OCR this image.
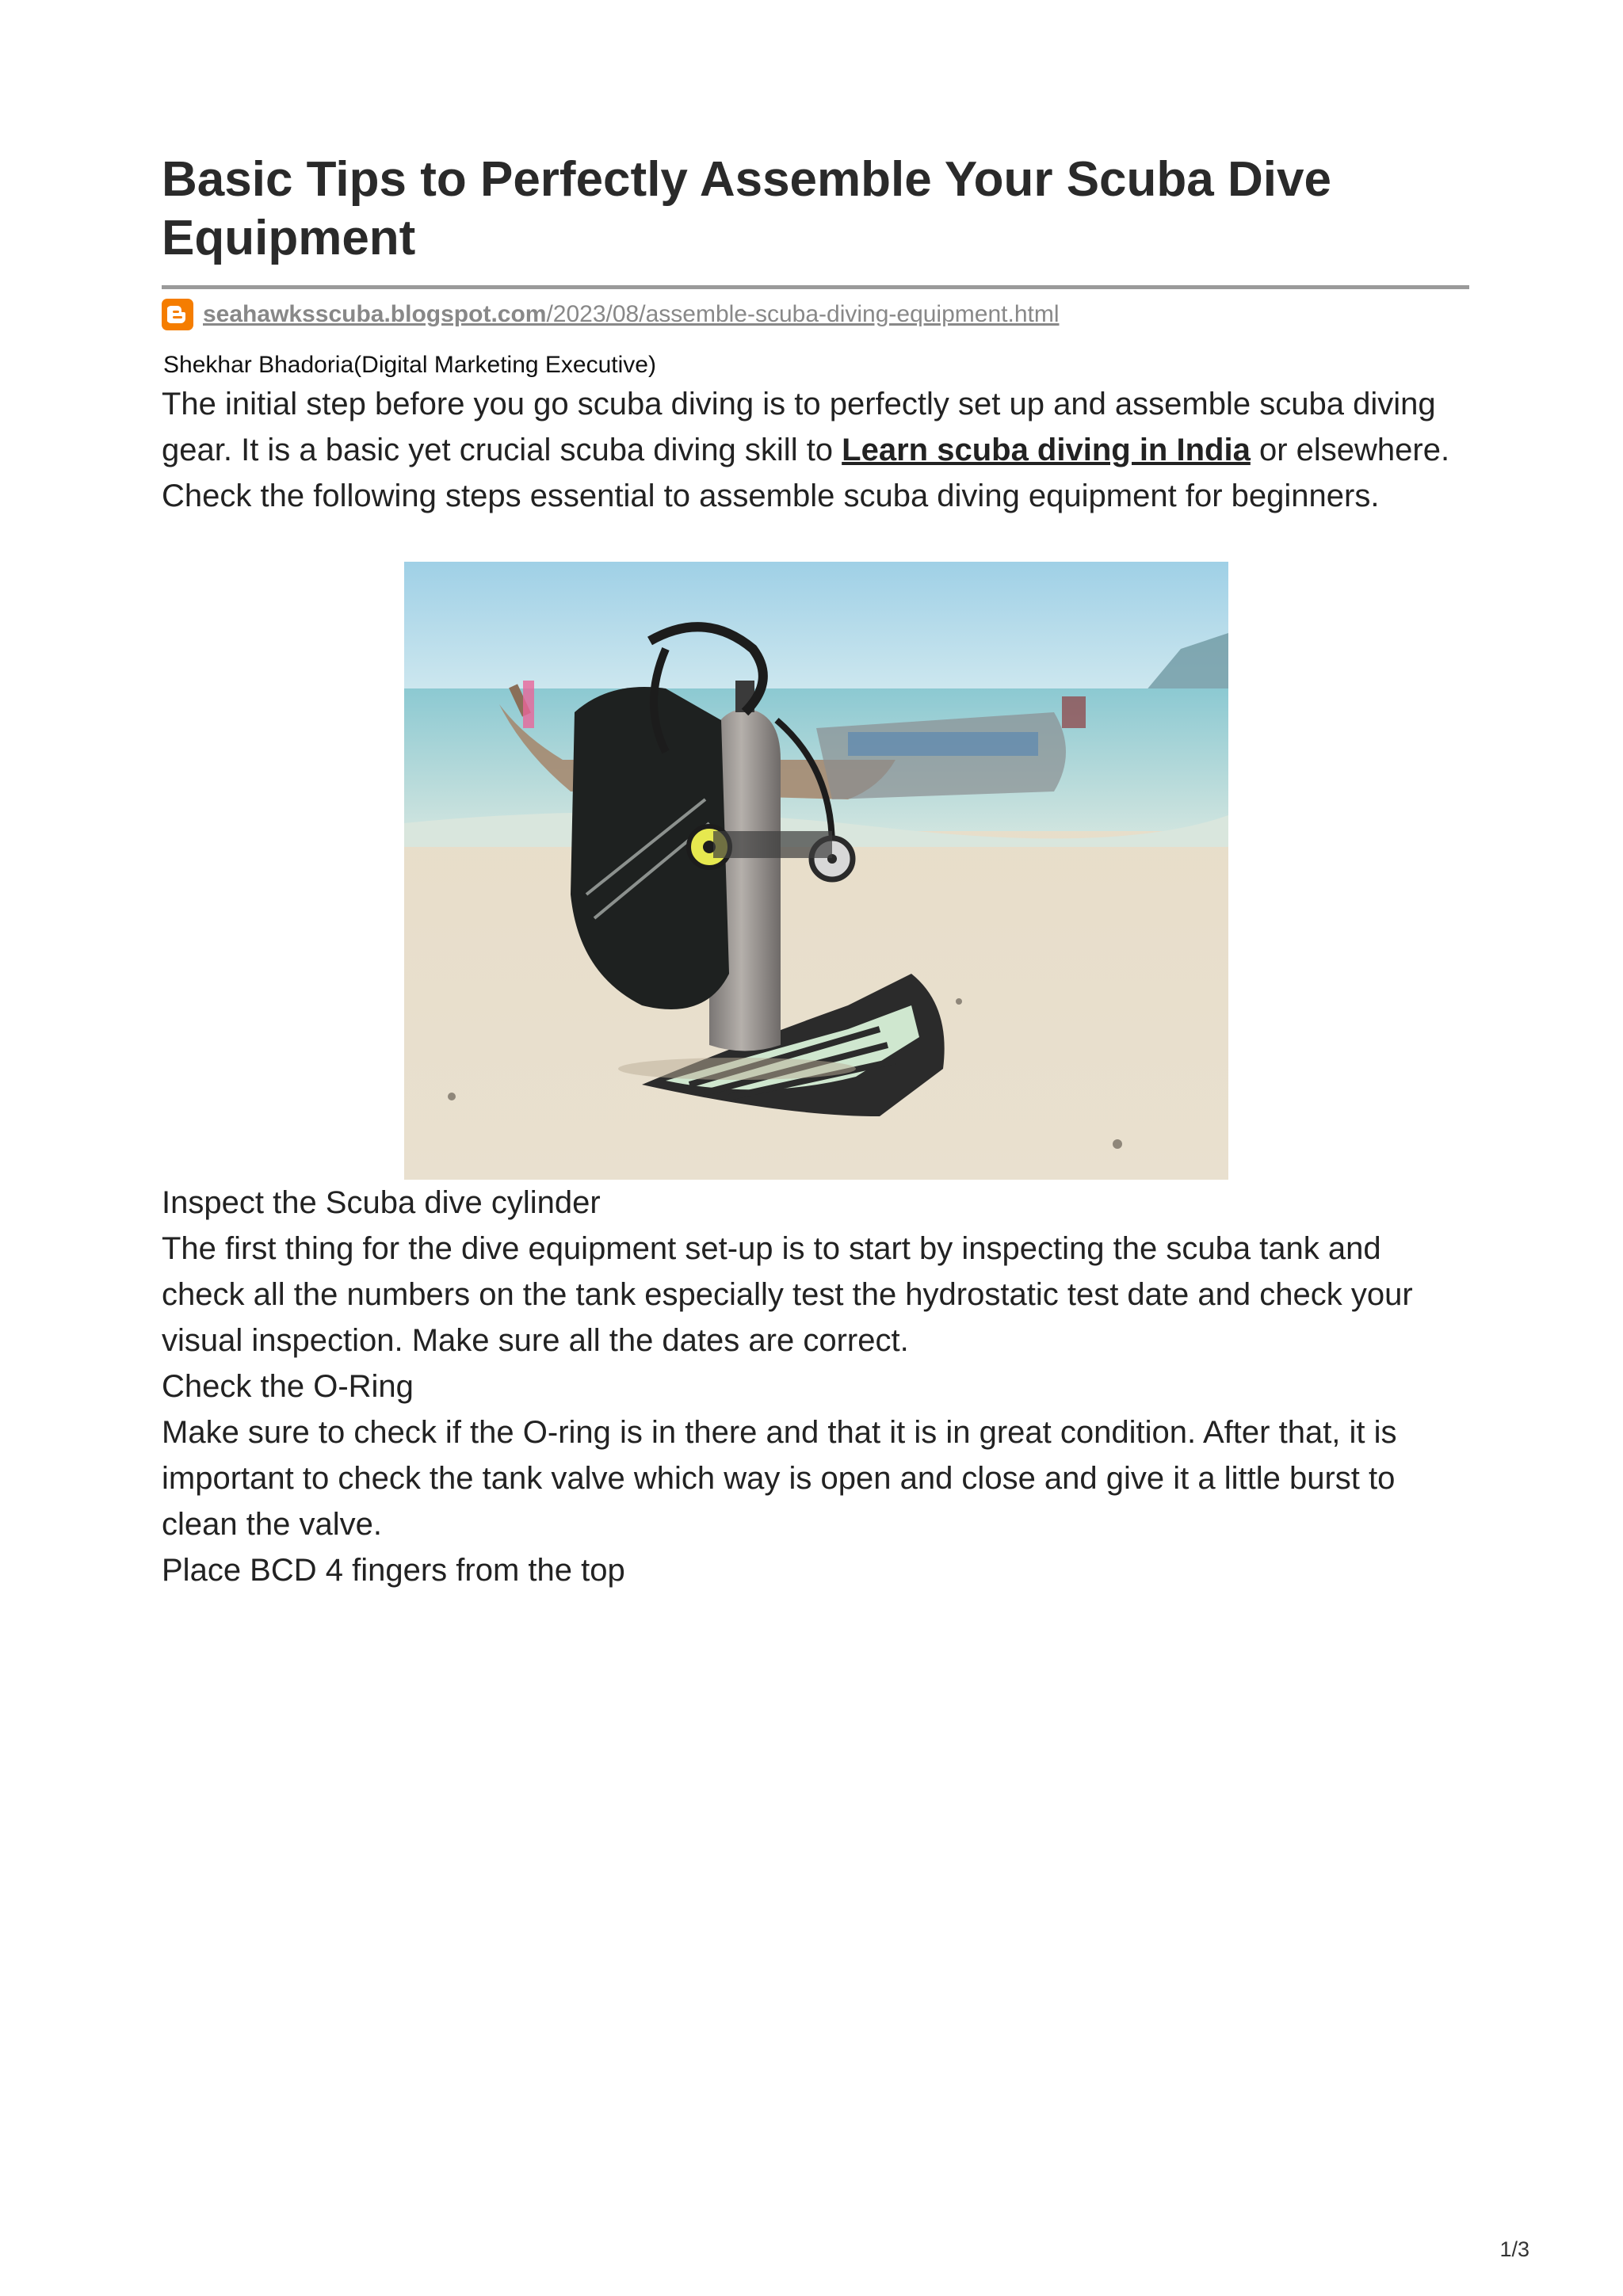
Basic Tips to Perfectly Assemble Your Scuba Dive Equipment
seahawksscuba.blogspot.com/2023/08/assemble-scuba-diving-equipment.html
Shekhar Bhadoria(Digital Marketing Executive)

The initial step before you go scuba diving is to perfectly set up and assemble scuba diving gear. It is a basic yet crucial scuba diving skill to Learn scuba diving in India or elsewhere. Check the following steps essential to assemble scuba diving equipment for beginners.

Inspect the Scuba dive cylinder

The first thing for the dive equipment set-up is to start by inspecting the scuba tank and check all the numbers on the tank especially test the hydrostatic test date and check your visual inspection. Make sure all the dates are correct.

Check the O-Ring

Make sure to check if the O-ring is in there and that it is in great condition. After that, it is important to check the tank valve which way is open and close and give it a little burst to clean the valve.

Place BCD 4 fingers from the top

1/3
